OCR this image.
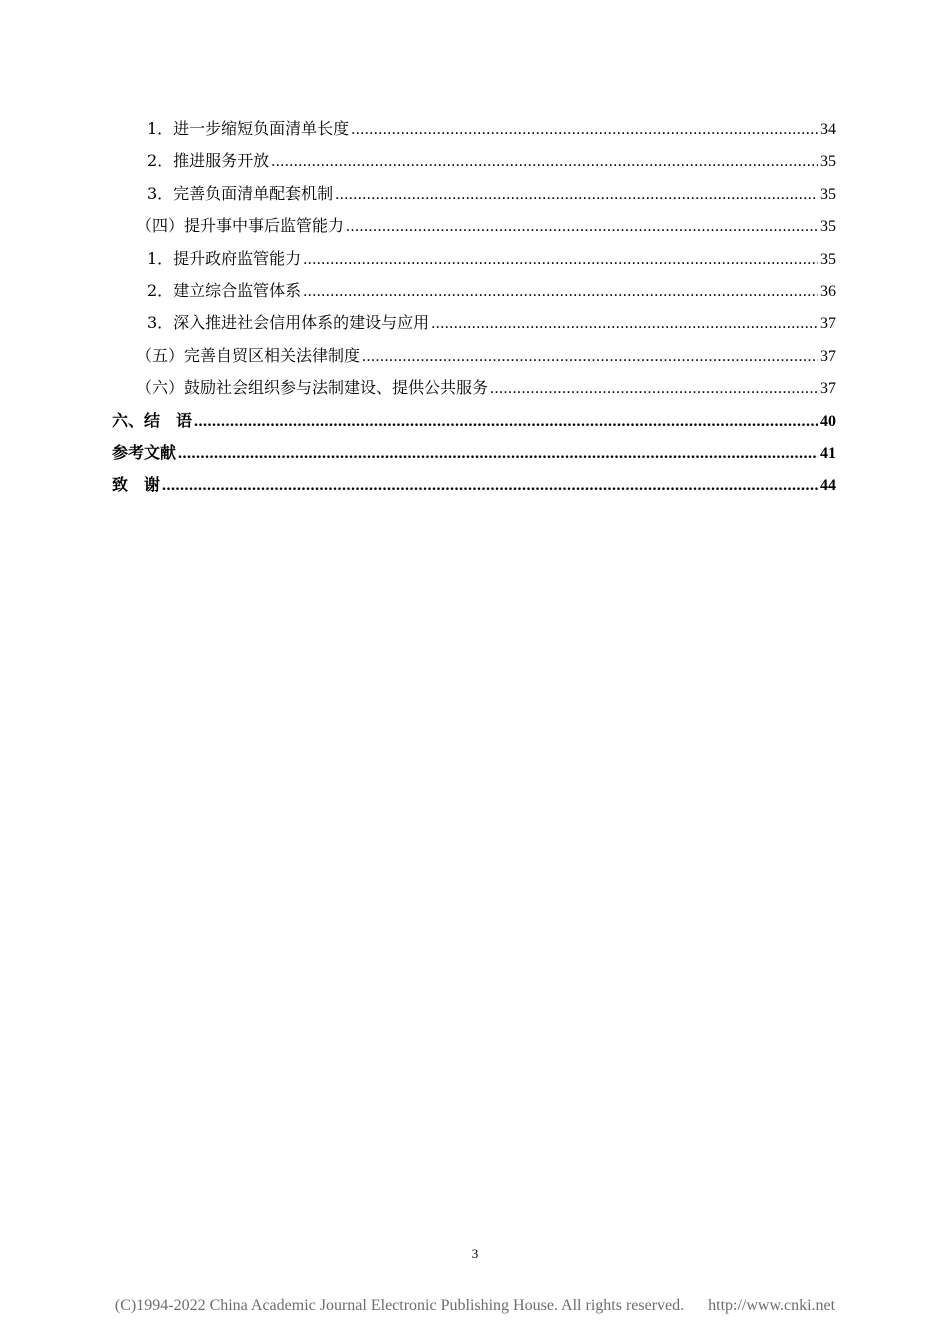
1．进一步缩短负面清单长度 .....	34
2．推进服务开放 .....	35
3．完善负面清单配套机制 .....	35
（四）提升事中事后监管能力 .....	35
1．提升政府监管能力 .....	35
2．建立综合监管体系 .....	36
3．深入推进社会信用体系的建设与应用 .....	37
（五）完善自贸区相关法律制度 .....	37
（六）鼓励社会组织参与法制建设、提供公共服务 .....	37
六、结　语 .....	40
参考文献 .....	41
致　谢 .....	44
3
(C)1994-2022 China Academic Journal Electronic Publishing House. All rights reserved. http://www.cnki.net
